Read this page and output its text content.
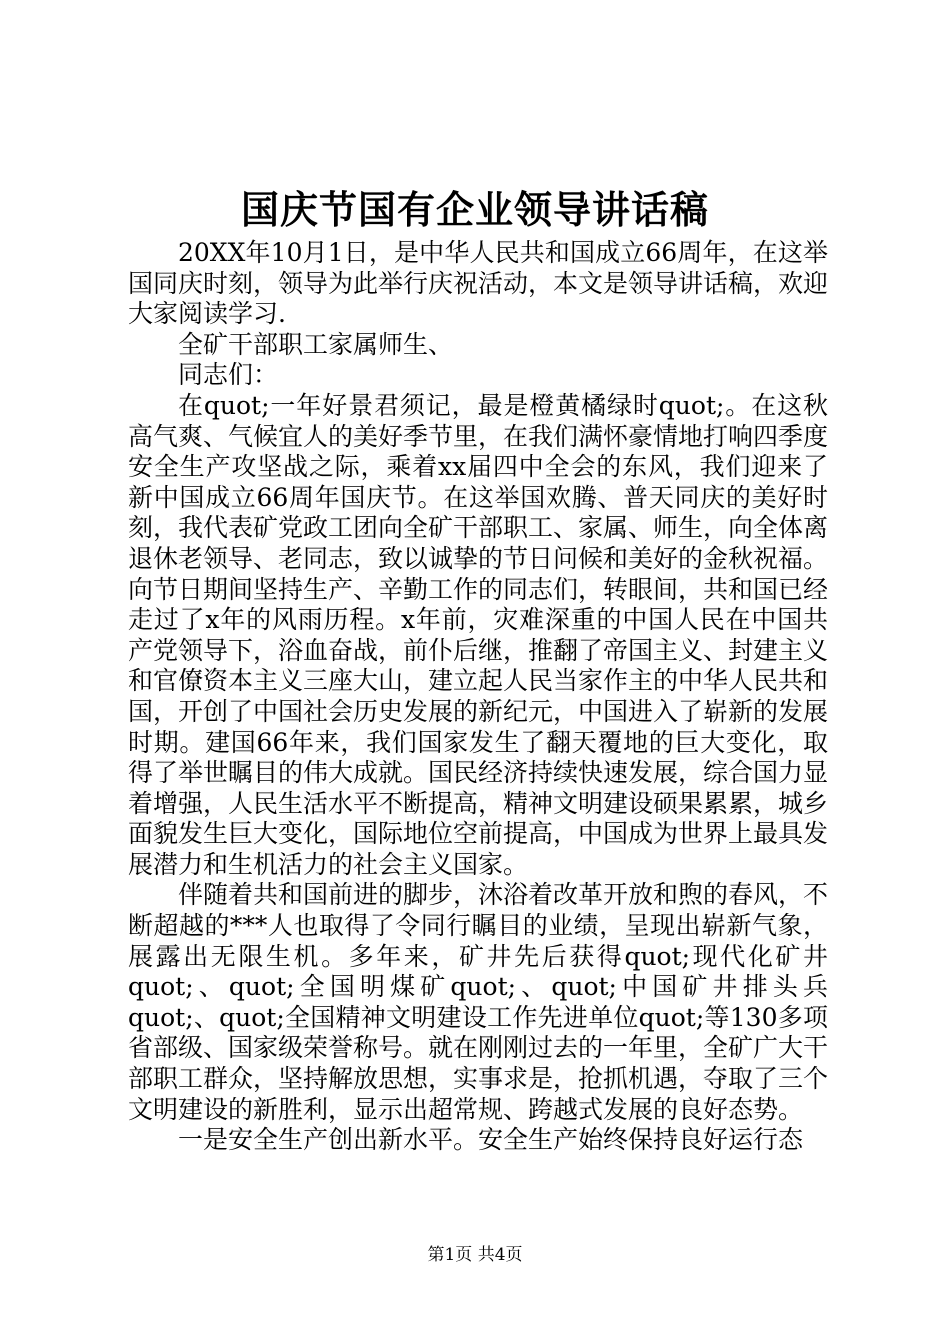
国庆节国有企业领导讲话稿

20XX年10月1日，是中华人民共和国成立66周年，在这举国同庆时刻，领导为此举行庆祝活动，本文是领导讲话稿，欢迎大家阅读学习.

全矿干部职工家属师生、

同志们：

在quot;一年好景君须记，最是橙黄橘绿时quot;。在这秋高气爽、气候宜人的美好季节里，在我们满怀豪情地打响四季度安全生产攻坚战之际，乘着xx届四中全会的东风，我们迎来了新中国成立66周年国庆节。在这举国欢腾、普天同庆的美好时刻，我代表矿党政工团向全矿干部职工、家属、师生，向全体离退休老领导、老同志，致以诚挚的节日问候和美好的金秋祝福。向节日期间坚持生产、辛勤工作的同志们，转眼间，共和国已经走过了x年的风雨历程。x年前，灾难深重的中国人民在中国共产党领导下，浴血奋战，前仆后继，推翻了帝国主义、封建主义和官僚资本主义三座大山，建立起人民当家作主的中华人民共和国，开创了中国社会历史发展的新纪元，中国进入了崭新的发展时期。建国66年来，我们国家发生了翻天覆地的巨大变化，取得了举世瞩目的伟大成就。国民经济持续快速发展，综合国力显着增强，人民生活水平不断提高，精神文明建设硕果累累，城乡面貌发生巨大变化，国际地位空前提高，中国成为世界上最具发展潜力和生机活力的社会主义国家。

伴随着共和国前进的脚步，沐浴着改革开放和煦的春风，不断超越的***人也取得了令同行瞩目的业绩，呈现出崭新气象，展露出无限生机。多年来，矿井先后获得quot;现代化矿井quot;、quot;全国明煤矿quot;、quot;中国矿井排头兵quot;、quot;全国精神文明建设工作先进单位quot;等130多项省部级、国家级荣誉称号。就在刚刚过去的一年里，全矿广大干部职工群众，坚持解放思想，实事求是，抢抓机遇，夺取了三个文明建设的新胜利，显示出超常规、跨越式发展的良好态势。

一是安全生产创出新水平。安全生产始终保持良好运行态

第1页 共4页
